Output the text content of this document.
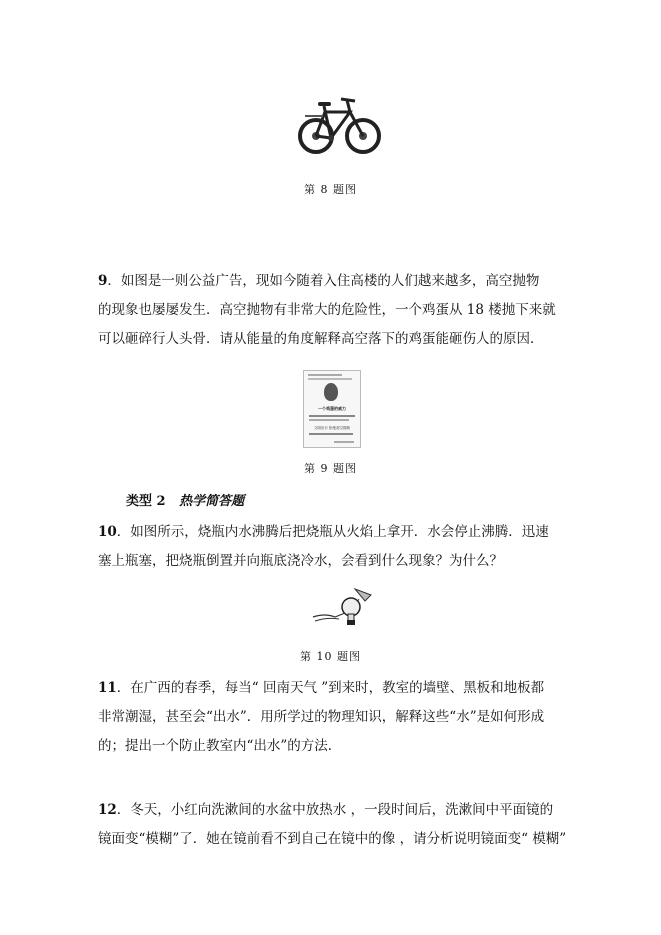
第 8 题图
9．如图是一则公益广告，现如今随着入住高楼的人们越来越多，高空抛物
的现象也屡屡发生．高空抛物有非常大的危险性，一个鸡蛋从 18 楼抛下来就
可以砸碎行人头骨．请从能量的角度解释高空落下的鸡蛋能砸伤人的原因．
一个鸡蛋的威力
文明出行 拒绝高空抛物
第 9 题图
类型 2 热学简答题
10．如图所示，烧瓶内水沸腾后把烧瓶从火焰上拿开．水会停止沸腾．迅速
塞上瓶塞，把烧瓶倒置并向瓶底浇冷水，会看到什么现象？为什么？
第 10 题图
11．在广西的春季，每当“ 回南天气 ”到来时，教室的墙壁、黑板和地板都
非常潮湿，甚至会“出水”．用所学过的物理知识，解释这些“水”是如何形成
的；提出一个防止教室内“出水”的方法．
12．冬天，小红向洗漱间的水盆中放热水 ，一段时间后，洗漱间中平面镜的
镜面变“模糊”了．她在镜前看不到自己在镜中的像 ，请分析说明镜面变“ 模糊”
